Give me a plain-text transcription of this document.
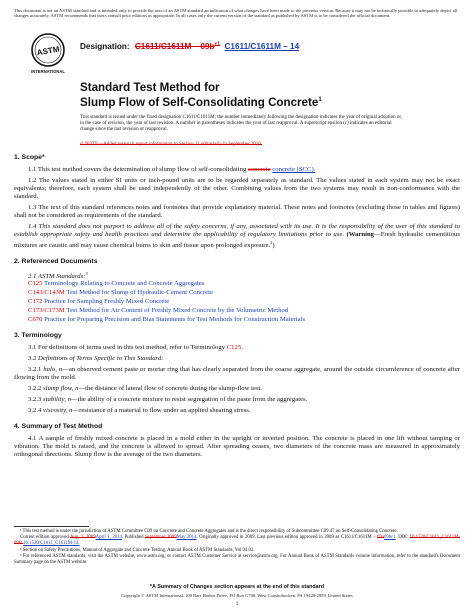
This document is not an ASTM standard and is intended only to provide the user of an ASTM standard an indication of what changes have been made to the previous version. Because it may not be technically possible to adequately depict all changes accurately, ASTM recommends that users consult prior editions as appropriate. In all cases only the current version of the standard as published by ASTM is to be considered the official document.
ASTM
INTERNATIONAL
Designation: $C1611/C1611M - 09b^{\varepsilon 1}$ C1611/C1611M – 14
Standard Test Method for
Slump Flow of Self-Consolidating Concrete$^1$
This standard is issued under the fixed designation C1611/C1611M; the number immediately following the designation indicates the year of original adoption or, in the case of revision, the year of last revision. A number in parentheses indicates the year of last reapproval. A superscript epsilon (ε) indicates an editorial change since the last revision or reapproval.
ε¹ NOTE—Added research report information to Section 11 editorially in September 2010.
1. Scope*
1.1 This test method covers the determination of slump flow of self-consolidating concrete concrete (SCC).
1.2 The values stated in either SI units or inch-pound units are to be regarded separately as standard. The values stated in each system may not be exact equivalents; therefore, each system shall be used independently of the other. Combining values from the two systems may result in non-conformance with the standard.
1.3 The text of this standard references notes and footnotes that provide explanatory material. These notes and footnotes (excluding those in tables and figures) shall not be considered as requirements of the standard.
1.4 This standard does not purport to address all of the safety concerns, if any, associated with its use. It is the responsibility of the user of this standard to establish appropriate safety and health practices and determine the applicability of regulatory limitations prior to use. (Warning—Fresh hydraulic cementitious mixtures are caustic and may cause chemical burns to skin and tissue upon prolonged exposure.$^2$)
2. Referenced Documents
2.1 ASTM Standards:$^3$
C125 Terminology Relating to Concrete and Concrete Aggregates
C143/C143M Test Method for Slump of Hydraulic-Cement Concrete
C172 Practice for Sampling Freshly Mixed Concrete
C173/C173M Test Method for Air Content of Freshly Mixed Concrete by the Volumetric Method
C670 Practice for Preparing Precision and Bias Statements for Test Methods for Construction Materials
3. Terminology
3.1 For definitions of terms used in this test method, refer to Terminology C125.
3.2 Definitions of Terms Specific to This Standard:
3.2.1 halo, n—an observed cement paste or mortar ring that has clearly separated from the coarse aggregate, around the outside circumference of concrete after flowing from the mold.
3.2.2 slump flow, n—the distance of lateral flow of concrete during the slump-flow test.
3.2.3 stability, n—the ability of a concrete mixture to resist segregation of the paste from the aggregates.
3.2.4 viscosity, n—resistance of a material to flow under an applied shearing stress.
4. Summary of Test Method
4.1 A sample of freshly mixed concrete is placed in a mold either in the upright or inverted position. The concrete is placed in one lift without tamping or vibration. The mold is raised, and the concrete is allowed to spread. After spreading ceases, two diameters of the concrete mass are measured in approximately orthogonal directions. Slump flow is the average of the two diameters.

¹ This test method is under the jurisdiction of ASTM Committee C09 on Concrete and Concrete Aggregates and is the direct responsibility of Subcommittee C09.47 on Self-Consolidating Concrete.

Current edition approved Aug. 1, 2009April 1, 2014. Published September 2009May 2014. Originally approved in 2009. Last previous edition approved in 2009 as C1611/C1611M – 09a09bε1. DOI: 10.1520/C1611_C1611M-09B.10.1520/C1611_C1611M-14.

² Section on Safety Precautions, Manual of Aggregate and Concrete Testing, Annual Book of ASTM Standards, Vol 04.02.

³ For referenced ASTM standards, visit the ASTM website, www.astm.org, or contact ASTM Customer Service at service@astm.org. For Annual Book of ASTM Standards volume information, refer to the standard's Document Summary page on the ASTM website.

*A Summary of Changes section appears at the end of this standard
Copyright © ASTM International, 100 Barr Harbor Drive, PO Box C700, West Conshohocken, PA 19428-2959. United States
1
